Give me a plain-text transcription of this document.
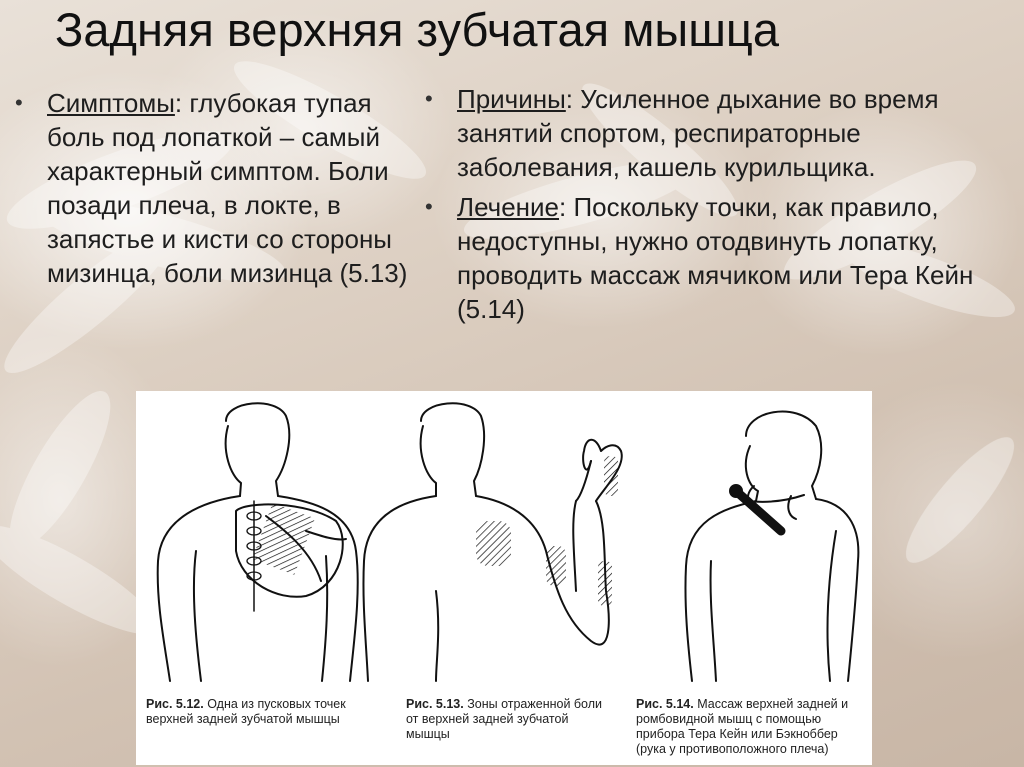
Задняя верхняя зубчатая мышца
• Симптомы: глубокая тупая боль под лопаткой – самый характерный симптом. Боли позади плеча, в локте, в запястье и кисти со стороны мизинца, боли мизинца (5.13)
• Причины: Усиленное дыхание во время занятий спортом, респираторные заболевания, кашель курильщика.
• Лечение: Поскольку точки, как правило, недоступны, нужно отодвинуть лопатку, проводить массаж мячиком или Тера Кейн (5.14)
Рис. 5.12. Одна из пусковых точек верхней задней зубчатой мышцы
Рис. 5.13. Зоны отраженной боли от верхней задней зубчатой мышцы
Рис. 5.14. Массаж верхней задней и ромбовидной мышц с помощью прибора Тера Кейн или Бэкноббер (рука у противоположного плеча)
